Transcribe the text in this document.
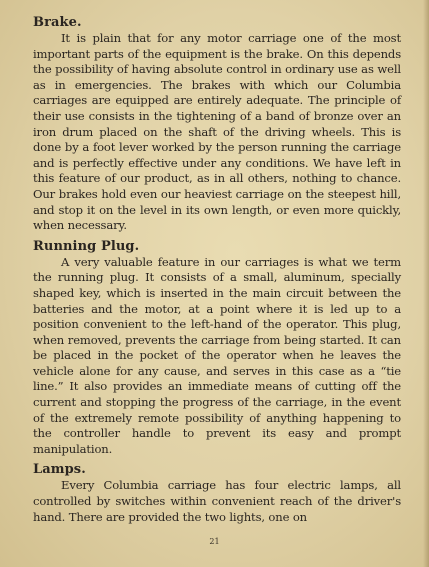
Brake.

It is plain that for any motor carriage one of the most important parts of the equipment is the brake. On this depends the possibility of having absolute control in ordinary use as well as in emergencies. The brakes with which our Columbia carriages are equipped are entirely adequate. The principle of their use consists in the tightening of a band of bronze over an iron drum placed on the shaft of the driving wheels. This is done by a foot lever worked by the person running the carriage and is perfectly effective under any conditions. We have left in this feature of our product, as in all others, nothing to chance. Our brakes hold even our heaviest carriage on the steepest hill, and stop it on the level in its own length, or even more quickly, when necessary.

Running Plug.

A very valuable feature in our carriages is what we term the running plug. It consists of a small, aluminum, specially shaped key, which is inserted in the main circuit between the batteries and the motor, at a point where it is led up to a position convenient to the left-hand of the operator. This plug, when removed, prevents the carriage from being started. It can be placed in the pocket of the operator when he leaves the vehicle alone for any cause, and serves in this case as a “tie line.” It also provides an immediate means of cutting off the current and stopping the progress of the carriage, in the event of the extremely remote possibility of anything happening to the controller handle to prevent its easy and prompt manipulation.

Lamps.

Every Columbia carriage has four electric lamps, all controlled by switches within convenient reach of the driver's hand. There are provided the two lights, one on

21
